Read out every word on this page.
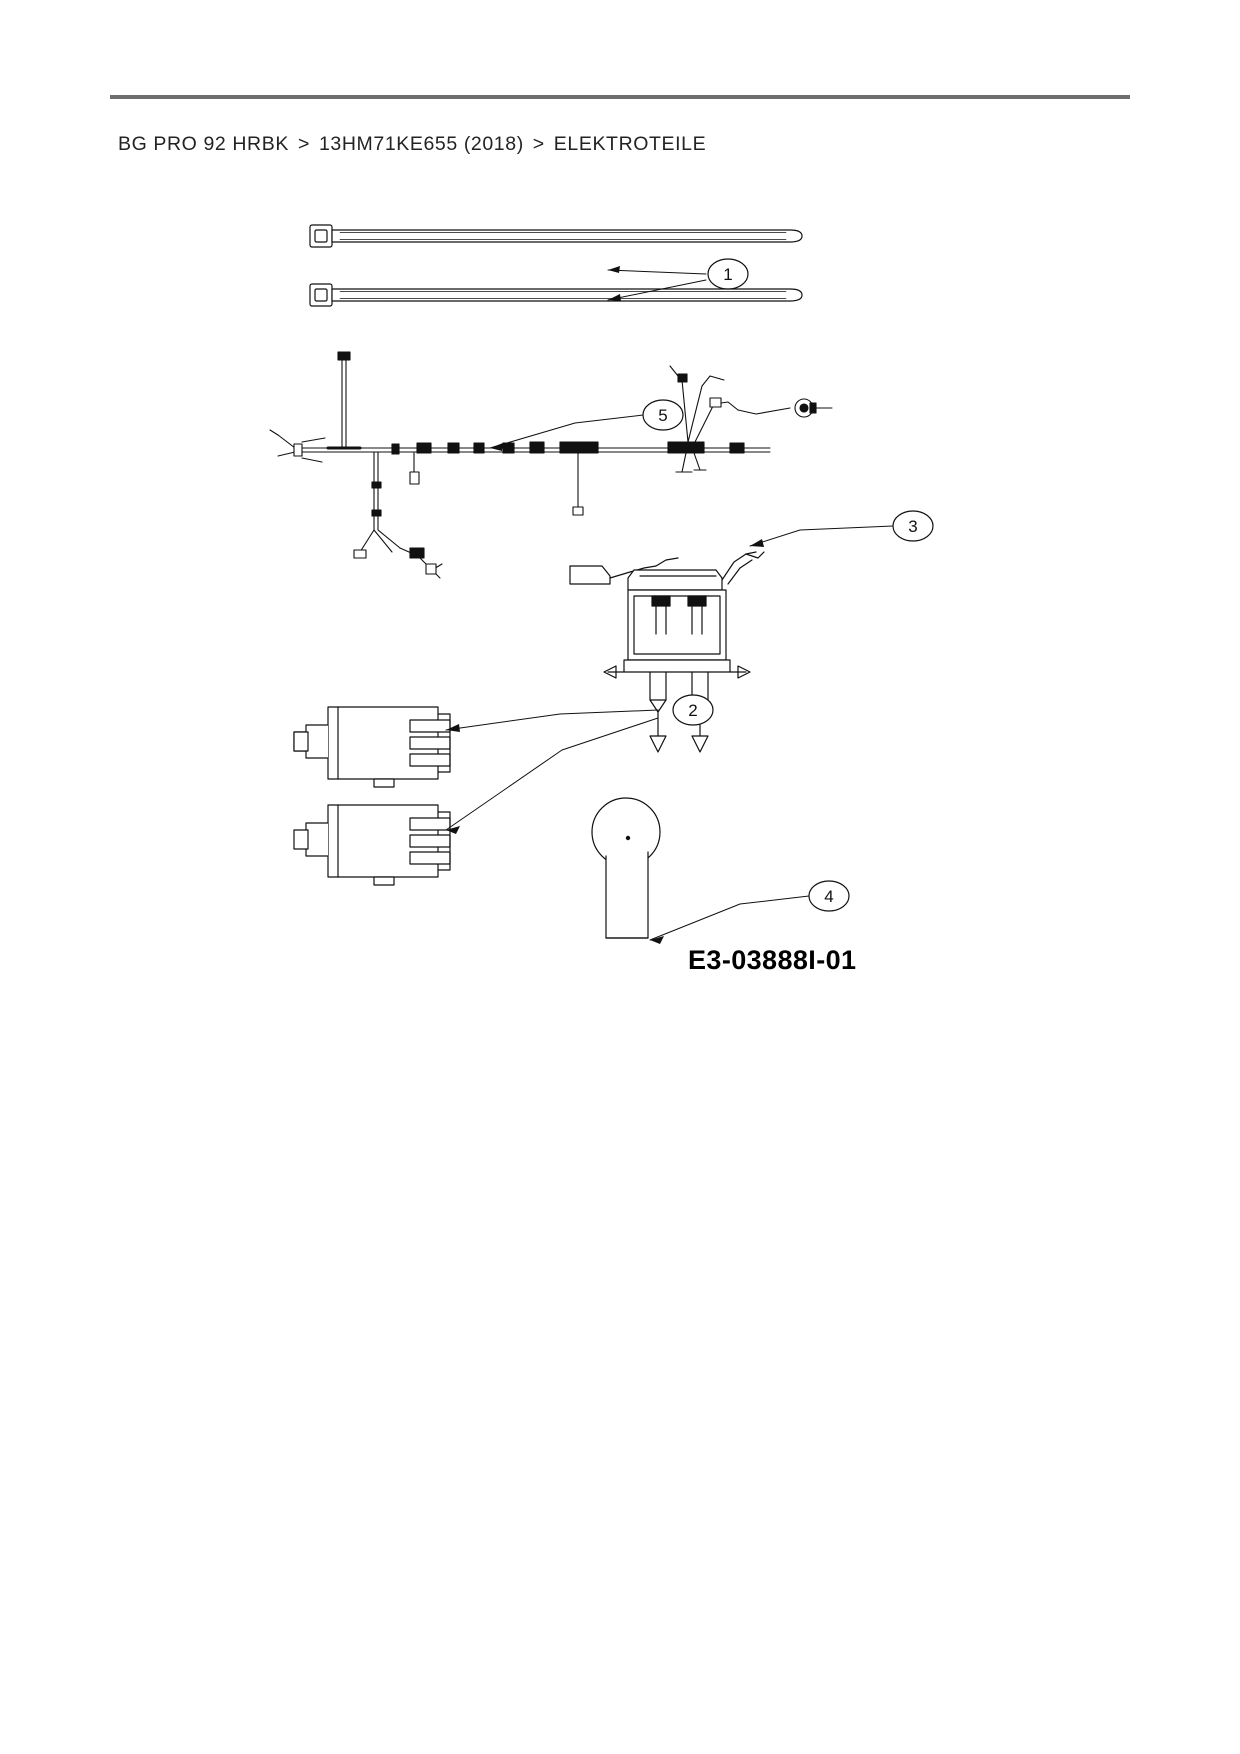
BG PRO 92 HRBK > 13HM71KE655 (2018) > ELEKTROTEILE
1
5
3
2
4
E3-03888I-01
